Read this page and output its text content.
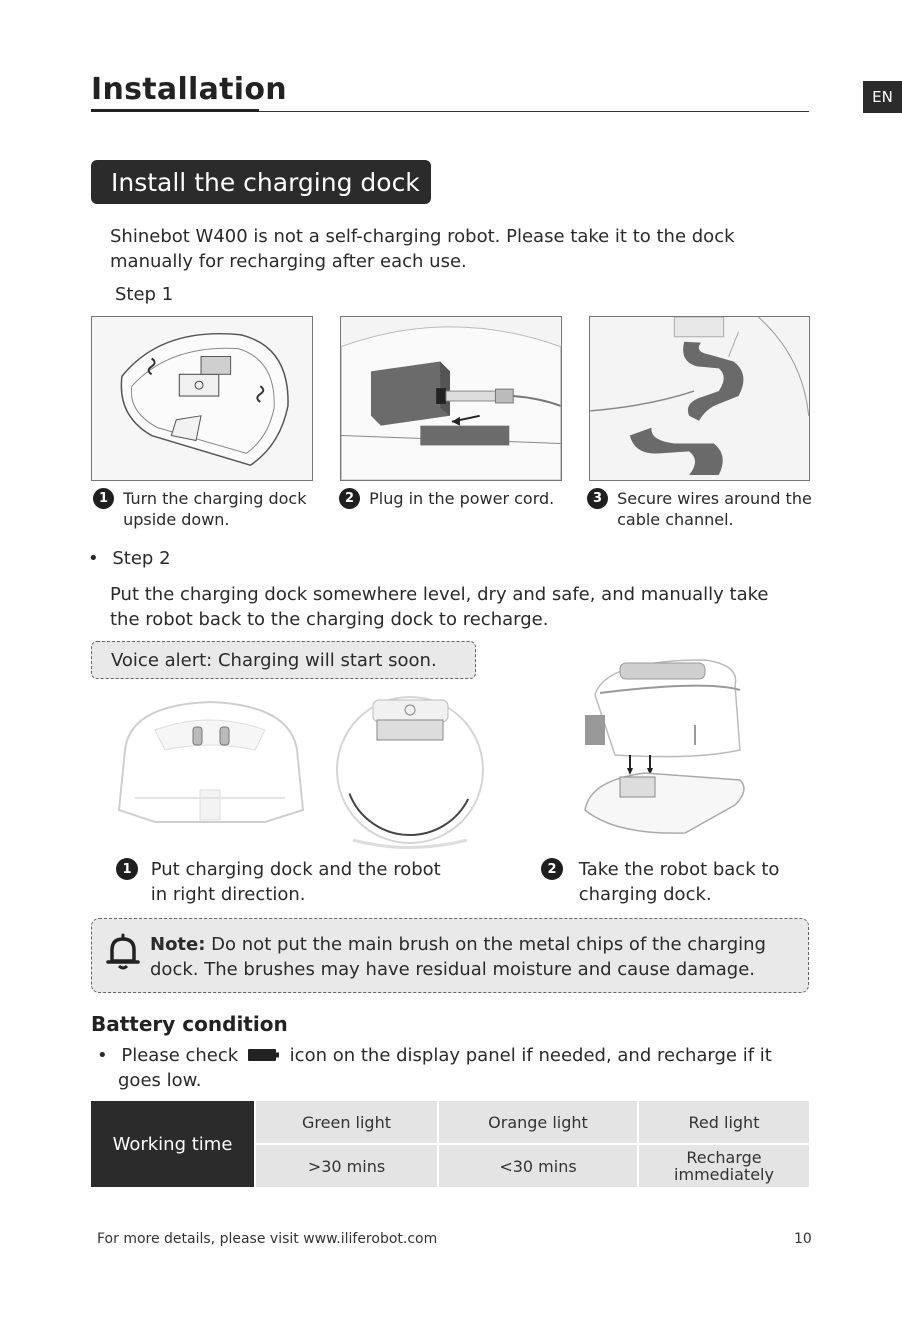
Installation	EN
Install the charging dock
Shinebot W400 is not a self-charging robot. Please take it to the dock
manually for recharging after each use.
Step 1
1 Turn the charging dock
upside down.
2 Plug in the power cord.	3 Secure wires around the
cable channel.
• Step 2
Put the charging dock somewhere level, dry and safe, and manually take
the robot back to the charging dock to recharge.
Voice alert: Charging will start soon.
1 Put charging dock and the robot
in right direction.
2 Take the robot back to
charging dock.
Note: Do not put the main brush on the metal chips of the charging
dock. The brushes may have residual moisture and cause damage.
Battery condition
• Please check	icon on the display panel if needed, and recharge if it
goes low.
Working time
Green light	Orange light	Red light
>30 mins	<30 mins	Recharge immediately
For more details, please visit www.iliferobot.com	10
